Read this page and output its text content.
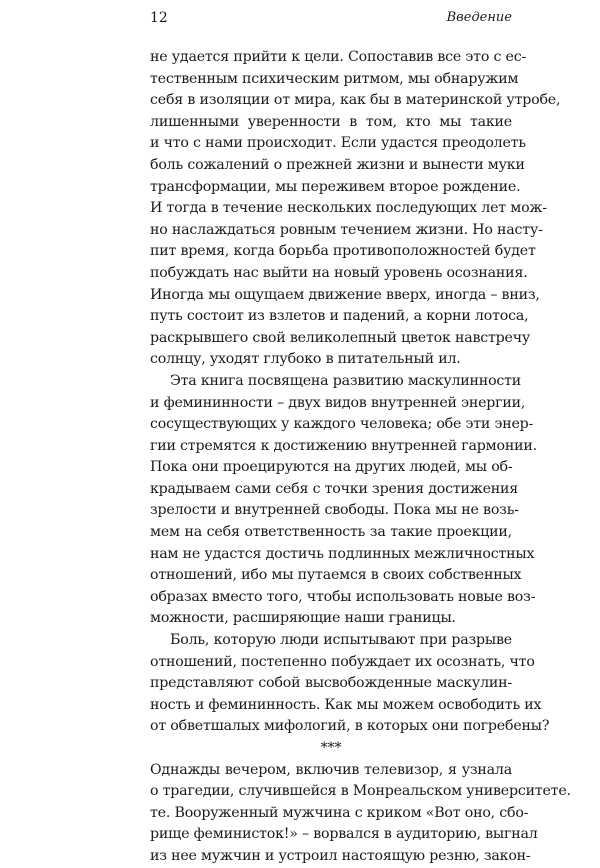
12	Введение
не удается прийти к цели. Сопоставив все это с ес-
тественным психическим ритмом, мы обнаружим
себя в изоляции от мира, как бы в материнской утробе,
лишенными уверенности в том, кто мы такие
и что с нами происходит. Если удастся преодолеть
боль сожалений о прежней жизни и вынести муки
трансформации, мы переживем второе рождение.
И тогда в течение нескольких последующих лет мож-
но наслаждаться ровным течением жизни. Но насту-
пит время, когда борьба противоположностей будет
побуждать нас выйти на новый уровень осознания.
Иногда мы ощущаем движение вверх, иногда – вниз,
путь состоит из взлетов и падений, а корни лотоса,
раскрывшего свой великолепный цветок навстречу
солнцу, уходят глубоко в питательный ил.
Эта книга посвящена развитию маскулинности
и фемининности – двух видов внутренней энергии,
сосуществующих у каждого человека; обе эти энер-
гии стремятся к достижению внутренней гармонии.
Пока они проецируются на других людей, мы об-
крадываем сами себя с точки зрения достижения
зрелости и внутренней свободы. Пока мы не возь-
мем на себя ответственность за такие проекции,
нам не удастся достичь подлинных межличностных
отношений, ибо мы путаемся в своих собственных
образах вместо того, чтобы использовать новые воз-
можности, расширяющие наши границы.
Боль, которую люди испытывают при разрыве
отношений, постепенно побуждает их осознать, что
представляют собой высвобожденные маскулин-
ность и фемининность. Как мы можем освободить их
от обветшалых мифологий, в которых они погребены?
***
Однажды вечером, включив телевизор, я узнала
о трагедии, случившейся в Монреальском университете.
те. Вооруженный мужчина с криком «Вот оно, сбо-
рище феминисток!» – ворвался в аудиторию, выгнал
из нее мужчин и устроил настоящую резню, закон-
